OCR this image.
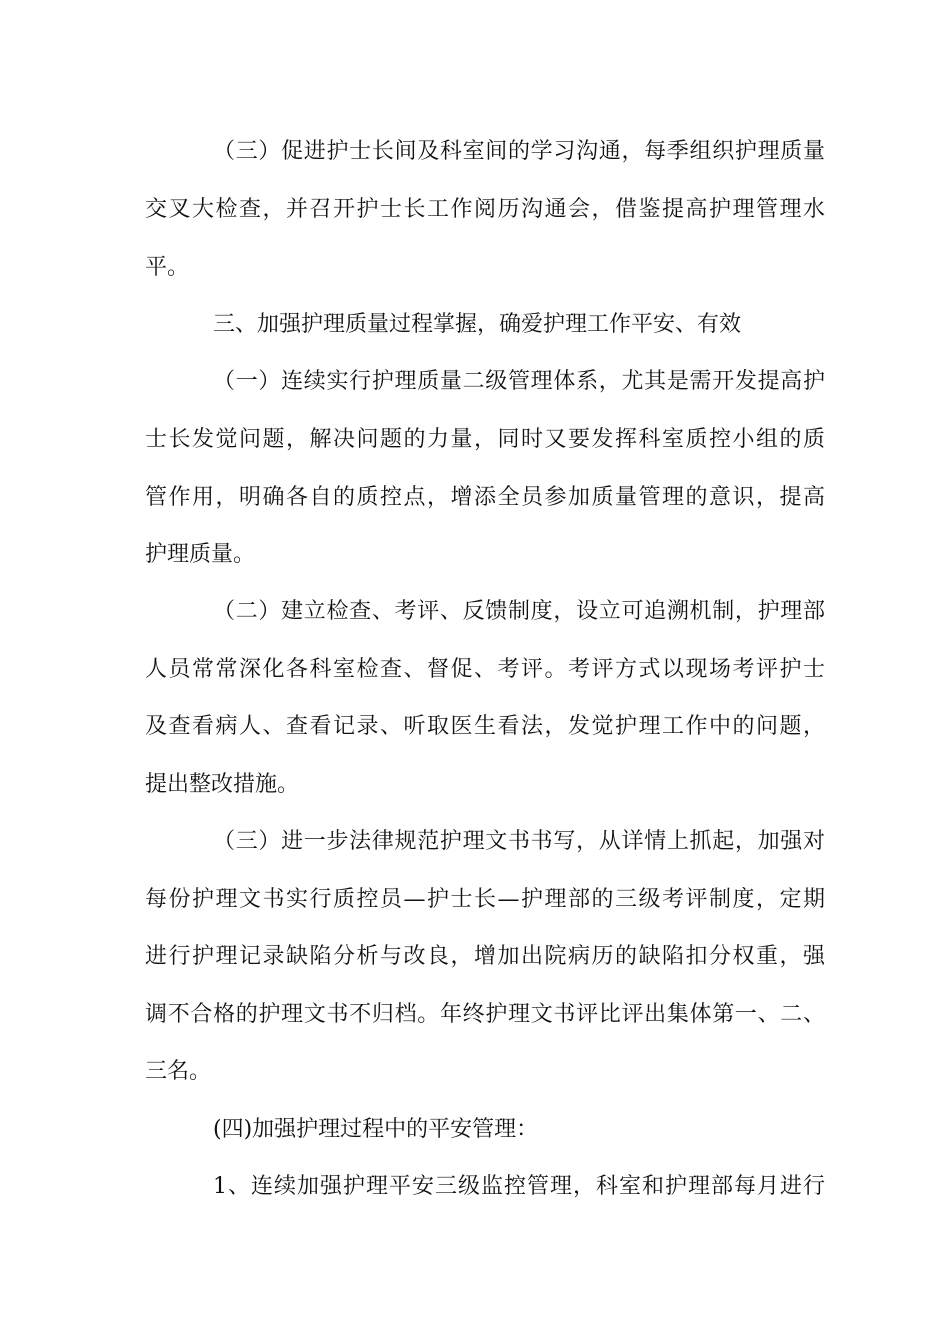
（三）促进护士长间及科室间的学习沟通，每季组织护理质量
交叉大检查，并召开护士长工作阅历沟通会，借鉴提高护理管理水
平。
三、加强护理质量过程掌握，确爱护理工作平安、有效
（一）连续实行护理质量二级管理体系，尤其是需开发提高护
士长发觉问题，解决问题的力量，同时又要发挥科室质控小组的质
管作用，明确各自的质控点，增添全员参加质量管理的意识，提高
护理质量。
（二）建立检查、考评、反馈制度，设立可追溯机制，护理部
人员常常深化各科室检查、督促、考评。考评方式以现场考评护士
及查看病人、查看记录、听取医生看法，发觉护理工作中的问题，
提出整改措施。
（三）进一步法律规范护理文书书写，从详情上抓起，加强对
每份护理文书实行质控员—护士长—护理部的三级考评制度，定期
进行护理记录缺陷分析与改良，增加出院病历的缺陷扣分权重，强
调不合格的护理文书不归档。年终护理文书评比评出集体第一、二、
三名。
(四)加强护理过程中的平安管理：
1、连续加强护理平安三级监控管理，科室和护理部每月进行
